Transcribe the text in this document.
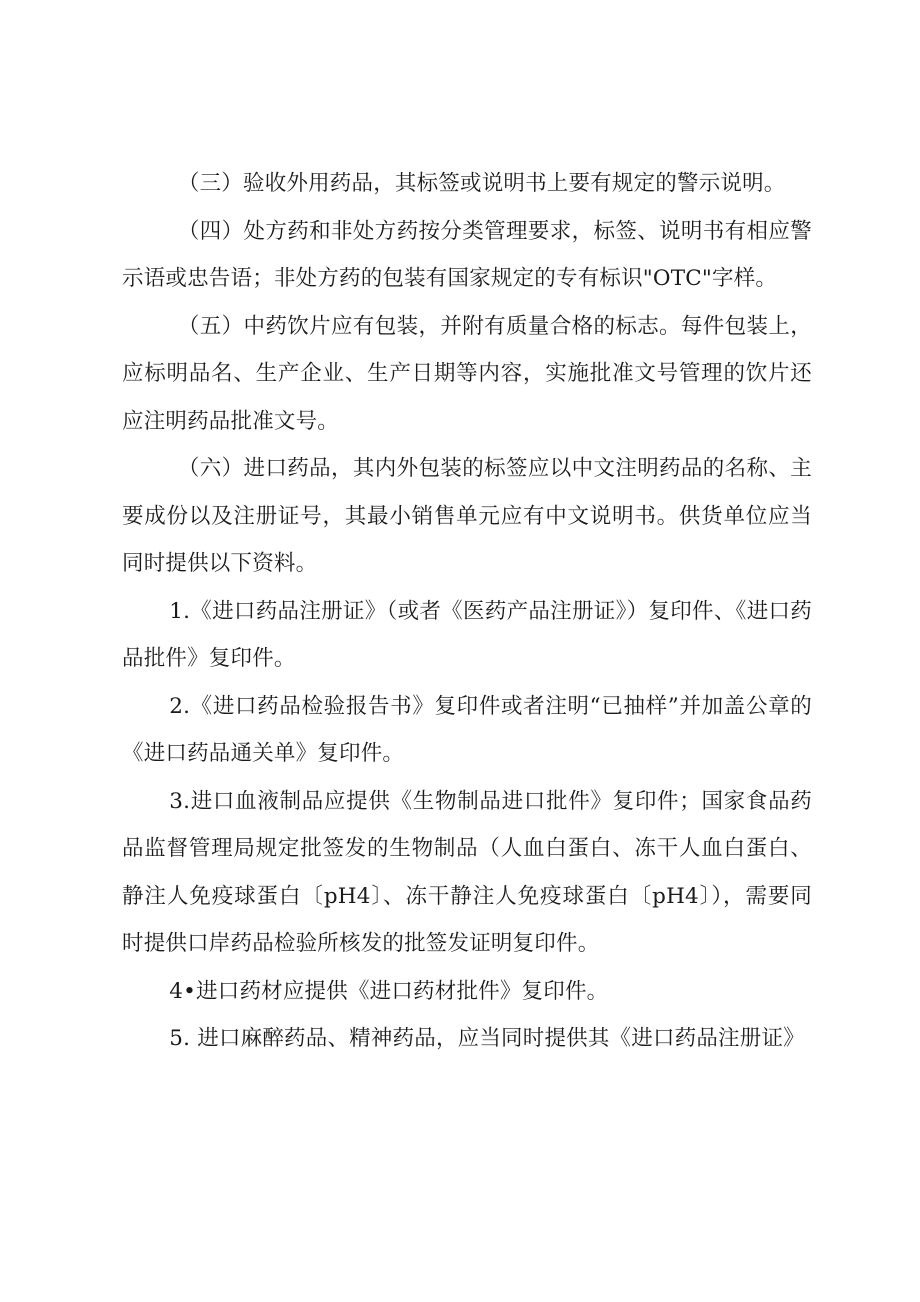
（三）验收外用药品，其标签或说明书上要有规定的警示说明。

（四）处方药和非处方药按分类管理要求，标签、说明书有相应警示语或忠告语；非处方药的包装有国家规定的专有标识"OTC"字样。

（五）中药饮片应有包装，并附有质量合格的标志。每件包装上，应标明品名、生产企业、生产日期等内容，实施批准文号管理的饮片还应注明药品批准文号。

（六）进口药品，其内外包装的标签应以中文注明药品的名称、主要成份以及注册证号，其最小销售单元应有中文说明书。供货单位应当同时提供以下资料。

1.《进口药品注册证》（或者《医药产品注册证》）复印件、《进口药品批件》复印件。

2.《进口药品检验报告书》复印件或者注明“已抽样”并加盖公章的《进口药品通关单》复印件。

3.进口血液制品应提供《生物制品进口批件》复印件；国家食品药品监督管理局规定批签发的生物制品（人血白蛋白、冻干人血白蛋白、静注人免疫球蛋白〔pH4〕、冻干静注人免疫球蛋白〔pH4〕），需要同时提供口岸药品检验所核发的批签发证明复印件。

4•进口药材应提供《进口药材批件》复印件。

5. 进口麻醉药品、精神药品，应当同时提供其《进口药品注册证》
